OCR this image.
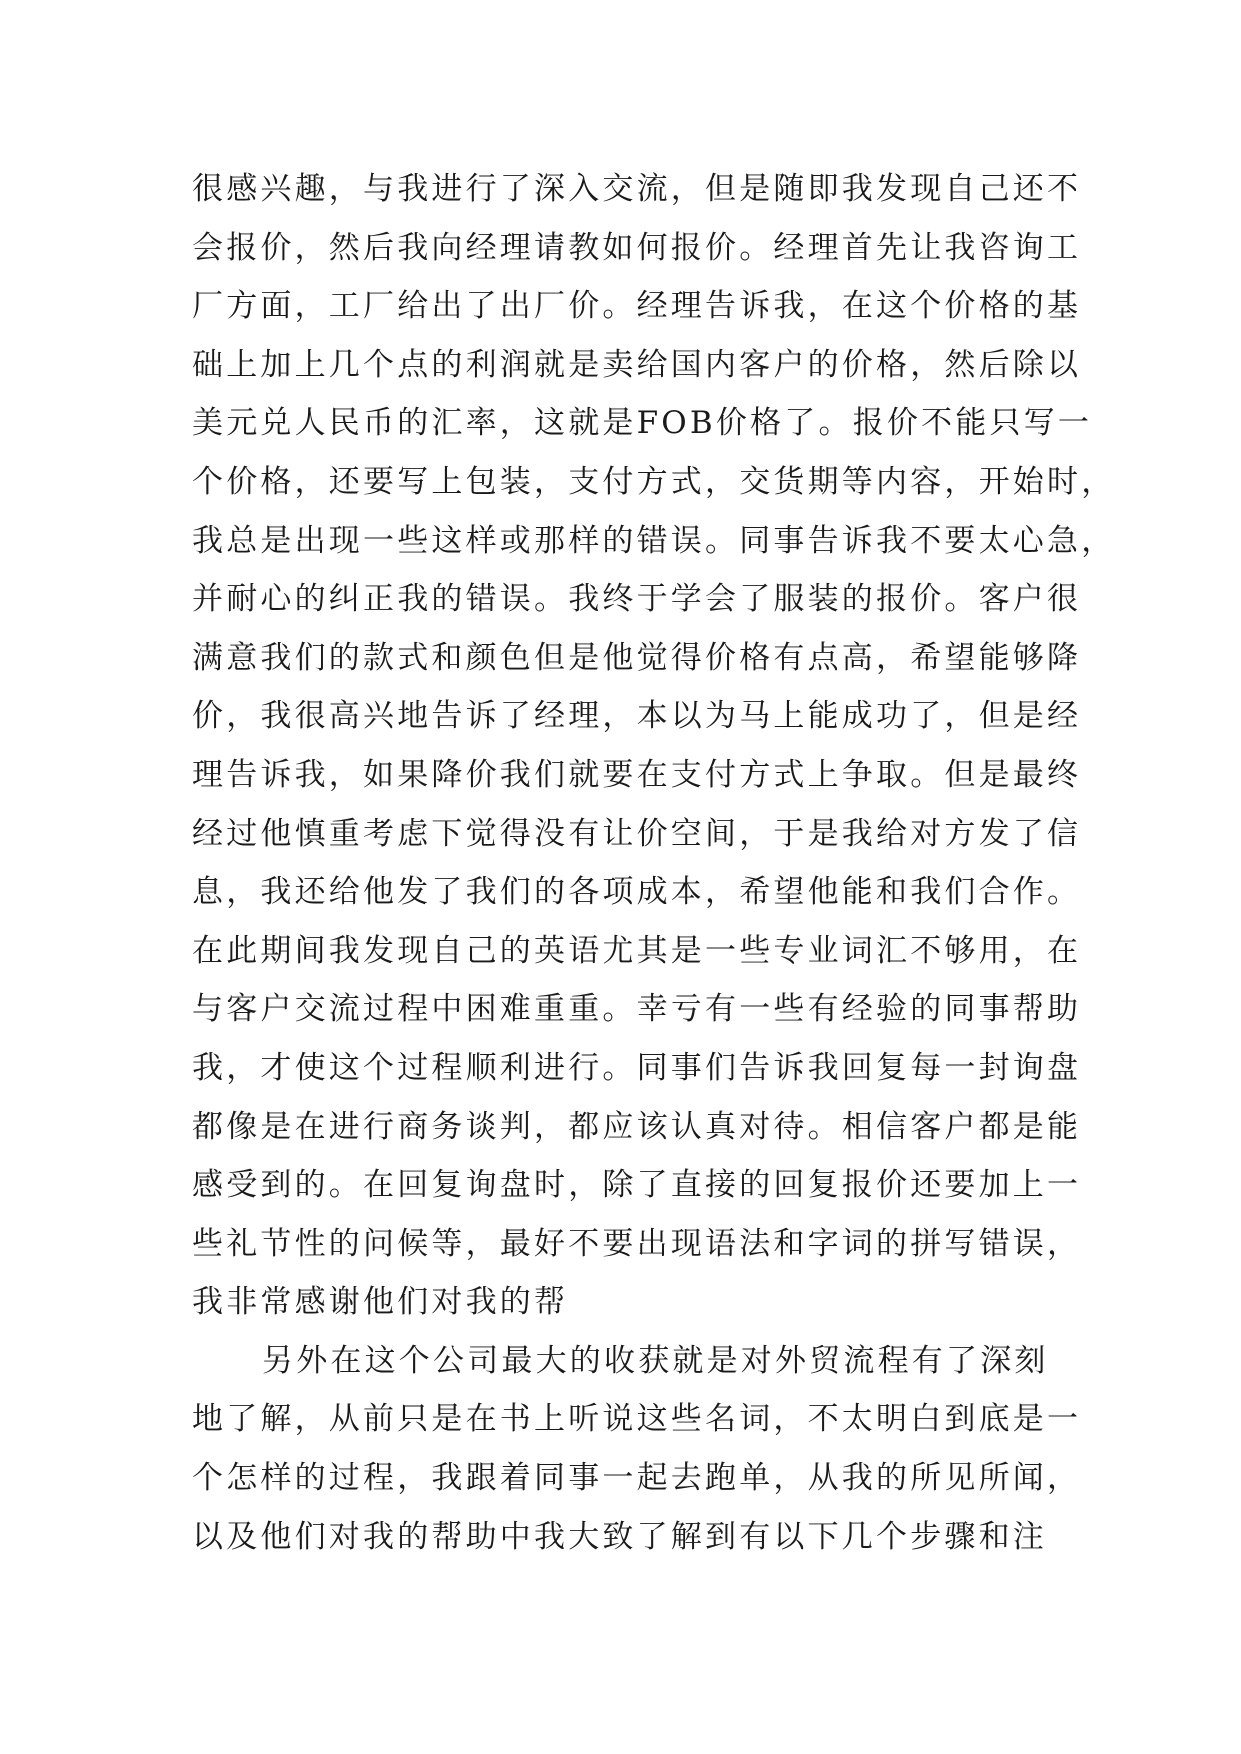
很感兴趣，与我进行了深入交流，但是随即我发现自己还不
会报价，然后我向经理请教如何报价。经理首先让我咨询工
厂方面，工厂给出了出厂价。经理告诉我，在这个价格的基
础上加上几个点的利润就是卖给国内客户的价格，然后除以
美元兑人民币的汇率，这就是FOB价格了。报价不能只写一
个价格，还要写上包装，支付方式，交货期等内容，开始时，
我总是出现一些这样或那样的错误。同事告诉我不要太心急，
并耐心的纠正我的错误。我终于学会了服装的报价。客户很
满意我们的款式和颜色但是他觉得价格有点高，希望能够降
价，我很高兴地告诉了经理，本以为马上能成功了，但是经
理告诉我，如果降价我们就要在支付方式上争取。但是最终
经过他慎重考虑下觉得没有让价空间，于是我给对方发了信
息，我还给他发了我们的各项成本，希望他能和我们合作。
在此期间我发现自己的英语尤其是一些专业词汇不够用，在
与客户交流过程中困难重重。幸亏有一些有经验的同事帮助
我，才使这个过程顺利进行。同事们告诉我回复每一封询盘
都像是在进行商务谈判，都应该认真对待。相信客户都是能
感受到的。在回复询盘时，除了直接的回复报价还要加上一
些礼节性的问候等，最好不要出现语法和字词的拼写错误，
我非常感谢他们对我的帮
另外在这个公司最大的收获就是对外贸流程有了深刻
地了解，从前只是在书上听说这些名词，不太明白到底是一
个怎样的过程，我跟着同事一起去跑单，从我的所见所闻，
以及他们对我的帮助中我大致了解到有以下几个步骤和注
